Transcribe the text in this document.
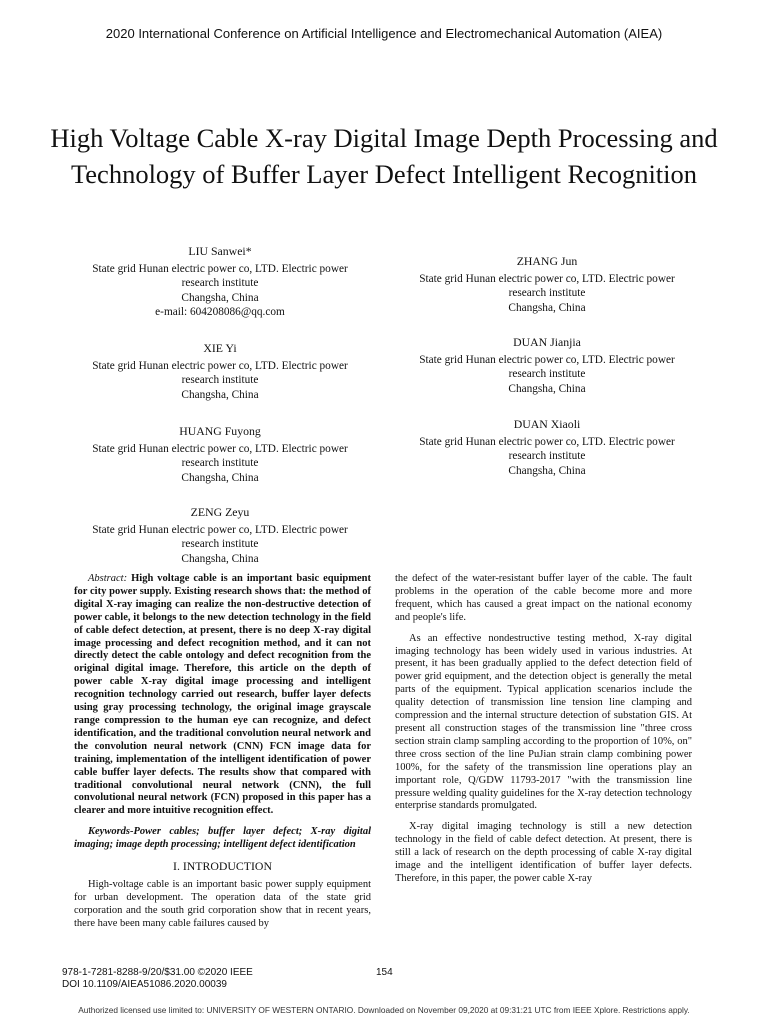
2020 International Conference on Artificial Intelligence and Electromechanical Automation (AIEA)
High Voltage Cable X-ray Digital Image Depth Processing and Technology of Buffer Layer Defect Intelligent Recognition
LIU Sanwei*
State grid Hunan electric power co, LTD. Electric power
research institute
Changsha, China
e-mail: 604208086@qq.com
XIE Yi
State grid Hunan electric power co, LTD. Electric power
research institute
Changsha, China
HUANG Fuyong
State grid Hunan electric power co, LTD. Electric power
research institute
Changsha, China
ZENG Zeyu
State grid Hunan electric power co, LTD. Electric power
research institute
Changsha, China
ZHANG Jun
State grid Hunan electric power co, LTD. Electric power
research institute
Changsha, China
DUAN Jianjia
State grid Hunan electric power co, LTD. Electric power
research institute
Changsha, China
DUAN Xiaoli
State grid Hunan electric power co, LTD. Electric power
research institute
Changsha, China

Abstract: High voltage cable is an important basic equipment for city power supply. Existing research shows that: the method of digital X-ray imaging can realize the non-destructive detection of power cable, it belongs to the new detection technology in the field of cable defect detection, at present, there is no deep X-ray digital image processing and defect recognition method, and it can not directly detect the cable ontology and defect recognition from the original digital image. Therefore, this article on the depth of power cable X-ray digital image processing and intelligent recognition technology carried out research, buffer layer defects using gray processing technology, the original image grayscale range compression to the human eye can recognize, and defect identification, and the traditional convolution neural network and the convolution neural network (CNN) FCN image data for training, implementation of the intelligent identification of power cable buffer layer defects. The results show that compared with traditional convolutional neural network (CNN), the full convolutional neural network (FCN) proposed in this paper has a clearer and more intuitive recognition effect.

Keywords-Power cables; buffer layer defect; X-ray digital imaging; image depth processing; intelligent defect identification

I. INTRODUCTION

High-voltage cable is an important basic power supply equipment for urban development. The operation data of the state grid corporation and the south grid corporation show that in recent years, there have been many cable failures caused by

the defect of the water-resistant buffer layer of the cable. The fault problems in the operation of the cable become more and more frequent, which has caused a great impact on the national economy and people's life.

As an effective nondestructive testing method, X-ray digital imaging technology has been widely used in various industries. At present, it has been gradually applied to the defect detection field of power grid equipment, and the detection object is generally the metal parts of the equipment. Typical application scenarios include the quality detection of transmission line tension line clamping and compression and the internal structure detection of substation GIS. At present all construction stages of the transmission line "three cross section strain clamp sampling according to the proportion of 10%, on" three cross section of the line PuJian strain clamp combining power 100%, for the safety of the transmission line operations play an important role, Q/GDW 11793-2017 "with the transmission line pressure welding quality guidelines for the X-ray detection technology enterprise standards promulgated.

X-ray digital imaging technology is still a new detection technology in the field of cable defect detection. At present, there is still a lack of research on the depth processing of cable X-ray digital image and the intelligent identification of buffer layer defects. Therefore, in this paper, the power cable X-ray

978-1-7281-8288-9/20/$31.00 ©2020 IEEE
DOI 10.1109/AIEA51086.2020.00039
154
Authorized licensed use limited to: UNIVERSITY OF WESTERN ONTARIO. Downloaded on November 09,2020 at 09:31:21 UTC from IEEE Xplore. Restrictions apply.
